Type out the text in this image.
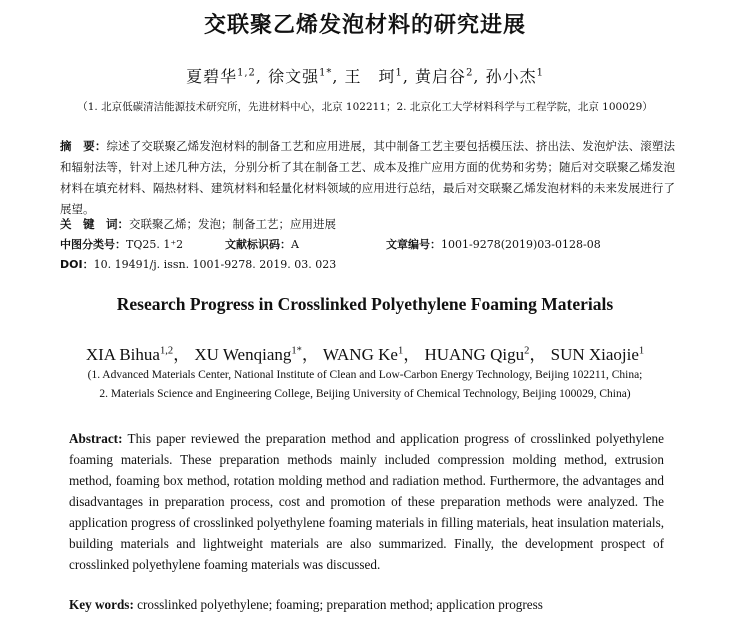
交联聚乙烯发泡材料的研究进展
夏碧华$^{1,2}$, 徐文强$^{1*}$, 王　珂$^1$, 黄启谷$^2$, 孙小杰$^1$
（1. 北京低碳清洁能源技术研究所，先进材料中心，北京 102211；2. 北京化工大学材料科学与工程学院，北京 100029）
摘　要：综述了交联聚乙烯发泡材料的制备工艺和应用进展，其中制备工艺主要包括模压法、挤出法、发泡炉法、滚塑法和辐射法等，针对上述几种方法，分别分析了其在制备工艺、成本及推广应用方面的优势和劣势；随后对交联聚乙烯发泡材料在填充材料、隔热材料、建筑材料和轻量化材料领域的应用进行总结，最后对交联聚乙烯发泡材料的未来发展进行了展望。
关　键　词：交联聚乙烯；发泡；制备工艺；应用进展
中图分类号：TQ25. 1⁺2	文献标识码：A	文章编号：1001-9278(2019)03-0128-08
DOI：10. 19491/j. issn. 1001-9278. 2019. 03. 023
Research Progress in Crosslinked Polyethylene Foaming Materials
XIA Bihua$^{1,2}$， XU Wenqiang$^{1*}$， WANG Ke$^1$， HUANG Qigu$^2$， SUN Xiaojie$^1$
(1. Advanced Materials Center, National Institute of Clean and Low-Carbon Energy Technology, Beijing 102211, China;
2. Materials Science and Engineering College, Beijing University of Chemical Technology, Beijing 100029, China)
Abstract: This paper reviewed the preparation method and application progress of crosslinked polyethylene foaming materials. These preparation methods mainly included compression molding method, extrusion method, foaming box method, rotation molding method and radiation method. Furthermore, the advantages and disadvantages in preparation process, cost and promotion of these preparation methods were analyzed. The application progress of crosslinked polyethylene foaming materials in filling materials, heat insulation materials, building materials and lightweight materials are also summarized. Finally, the development prospect of crosslinked polyethylene foaming materials was discussed.
Key words: crosslinked polyethylene; foaming; preparation method; application progress
